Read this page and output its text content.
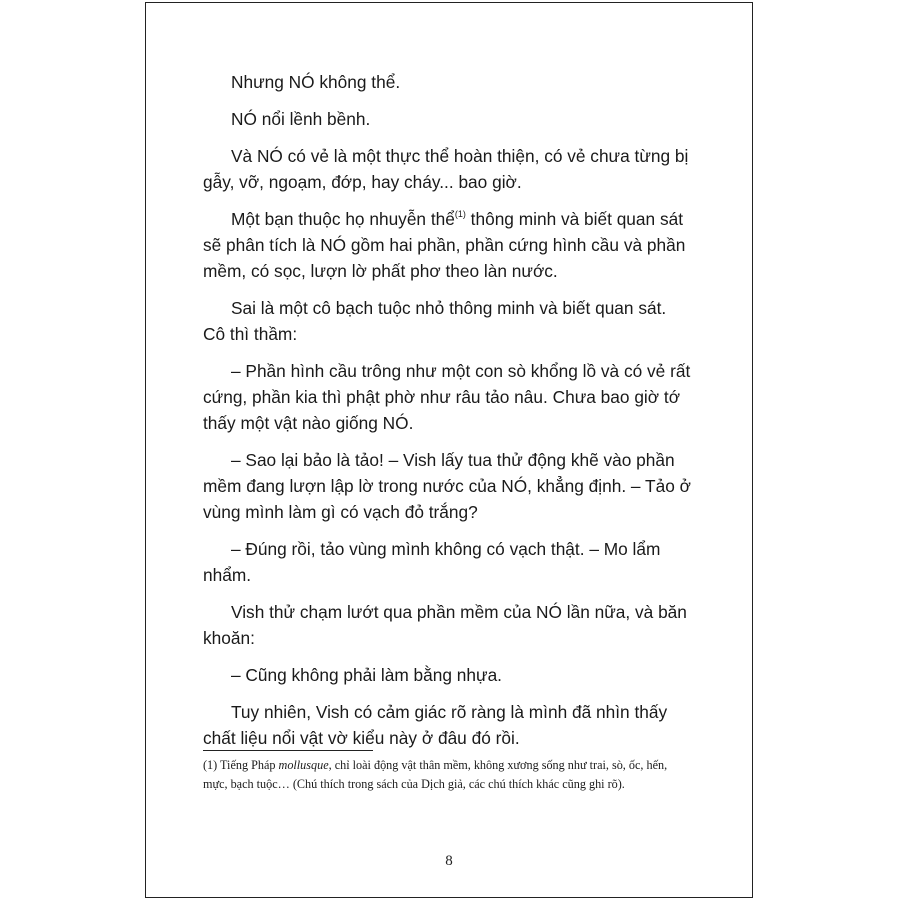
Nhưng NÓ không thể.

NÓ nổi lềnh bềnh.

Và NÓ có vẻ là một thực thể hoàn thiện, có vẻ chưa từng bị gẫy, vỡ, ngoạm, đớp, hay cháy... bao giờ.

Một bạn thuộc họ nhuyễn thể$^{(1)}$ thông minh và biết quan sát sẽ phân tích là NÓ gồm hai phần, phần cứng hình cầu và phần mềm, có sọc, lượn lờ phất phơ theo làn nước.

Sai là một cô bạch tuộc nhỏ thông minh và biết quan sát. Cô thì thầm:

– Phần hình cầu trông như một con sò khổng lồ và có vẻ rất cứng, phần kia thì phật phờ như râu tảo nâu. Chưa bao giờ tớ thấy một vật nào giống NÓ.

– Sao lại bảo là tảo! – Vish lấy tua thử động khẽ vào phần mềm đang lượn lập lờ trong nước của NÓ, khẳng định. – Tảo ở vùng mình làm gì có vạch đỏ trắng?

– Đúng rồi, tảo vùng mình không có vạch thật. – Mo lẩm nhẩm.

Vish thử chạm lướt qua phần mềm của NÓ lần nữa, và băn khoăn:

– Cũng không phải làm bằng nhựa.

Tuy nhiên, Vish có cảm giác rõ ràng là mình đã nhìn thấy chất liệu nổi vật vờ kiểu này ở đâu đó rồi.

(1) Tiếng Pháp mollusque, chỉ loài động vật thân mềm, không xương sống như trai, sò, ốc, hến, mực, bạch tuộc… (Chú thích trong sách của Dịch giả, các chú thích khác cũng ghi rõ).

8
